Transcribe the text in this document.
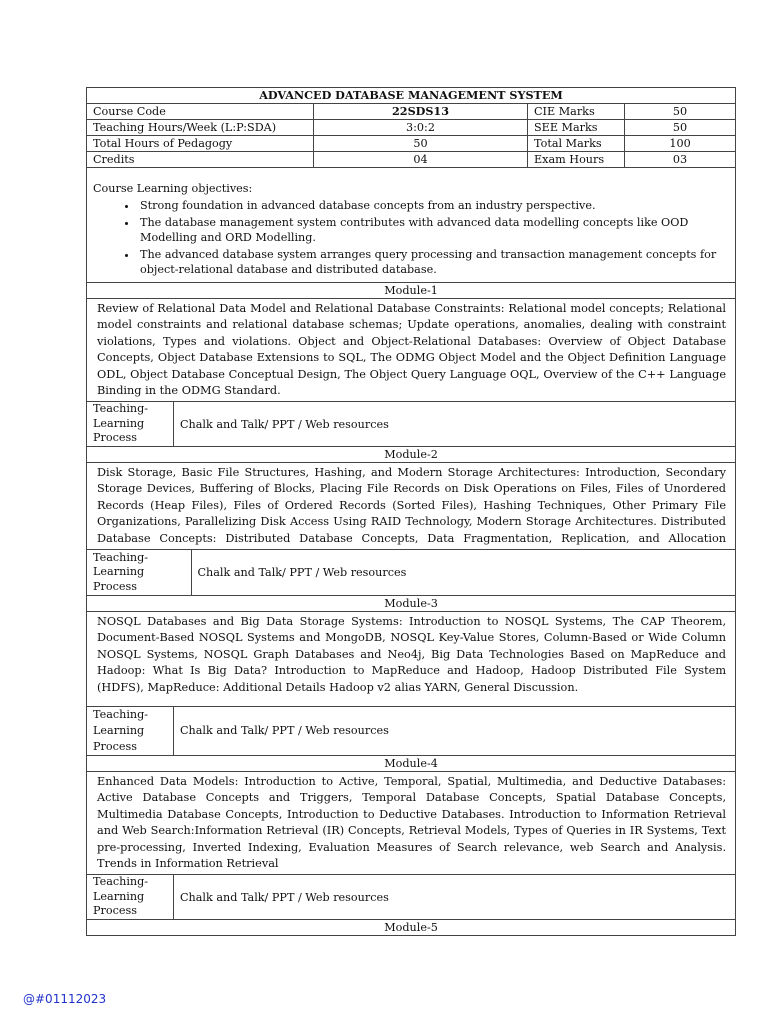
ADVANCED DATABASE MANAGEMENT SYSTEM
Course Code	22SDS13	CIE Marks	50
Teaching Hours/Week (L:P:SDA)	3:0:2	SEE Marks	50
Total Hours of Pedagogy	50	Total Marks	100
Credits	04	Exam Hours	03

Course Learning objectives:
• Strong foundation in advanced database concepts from an industry perspective.
• The database management system contributes with advanced data modelling concepts like OOD Modelling and ORD Modelling.
• The advanced database system arranges query processing and transaction management concepts for object-relational database and distributed database.

Module-1
Review of Relational Data Model and Relational Database Constraints: Relational model concepts; Relational model constraints and relational database schemas; Update operations, anomalies, dealing with constraint violations, Types and violations. Object and Object-Relational Databases: Overview of Object Database Concepts, Object Database Extensions to SQL, The ODMG Object Model and the Object Definition Language ODL, Object Database Conceptual Design, The Object Query Language OQL, Overview of the C++ Language Binding in the ODMG Standard.

Teaching-
Learning
Process
	Chalk and Talk/ PPT / Web resources
Module-2

Disk Storage, Basic File Structures, Hashing, and Modern Storage Architectures: Introduction, Secondary Storage Devices, Buffering of Blocks, Placing File Records on Disk Operations on Files, Files of Unordered Records (Heap Files), Files of Ordered Records (Sorted Files), Hashing Techniques, Other Primary File Organizations, Parallelizing Disk Access Using RAID Technology, Modern Storage Architectures. Distributed Database Concepts: Distributed Database Concepts, Data Fragmentation, Replication, and Allocation

Teaching-
Learning
Process
	Chalk and Talk/ PPT / Web resources

Module-3
NOSQL Databases and Big Data Storage Systems: Introduction to NOSQL Systems, The CAP Theorem, Document-Based NOSQL Systems and MongoDB, NOSQL Key-Value Stores, Column-Based or Wide Column NOSQL Systems, NOSQL Graph Databases and Neo4j, Big Data Technologies Based on MapReduce and Hadoop: What Is Big Data? Introduction to MapReduce and Hadoop, Hadoop Distributed File System (HDFS), MapReduce: Additional Details Hadoop v2 alias YARN, General Discussion.

Teaching-
Learning
Process
	Chalk and Talk/ PPT / Web resources
Module-4
Enhanced Data Models: Introduction to Active, Temporal, Spatial, Multimedia, and Deductive Databases: Active Database Concepts and Triggers, Temporal Database Concepts, Spatial Database Concepts, Multimedia Database Concepts, Introduction to Deductive Databases. Introduction to Information Retrieval and Web Search:Information Retrieval (IR) Concepts, Retrieval Models, Types of Queries in IR Systems, Text pre-processing, Inverted Indexing, Evaluation Measures of Search relevance, web Search and Analysis. Trends in Information Retrieval

Teaching-
Learning
Process
	Chalk and Talk/ PPT / Web resources
Module-5
@#01112023
